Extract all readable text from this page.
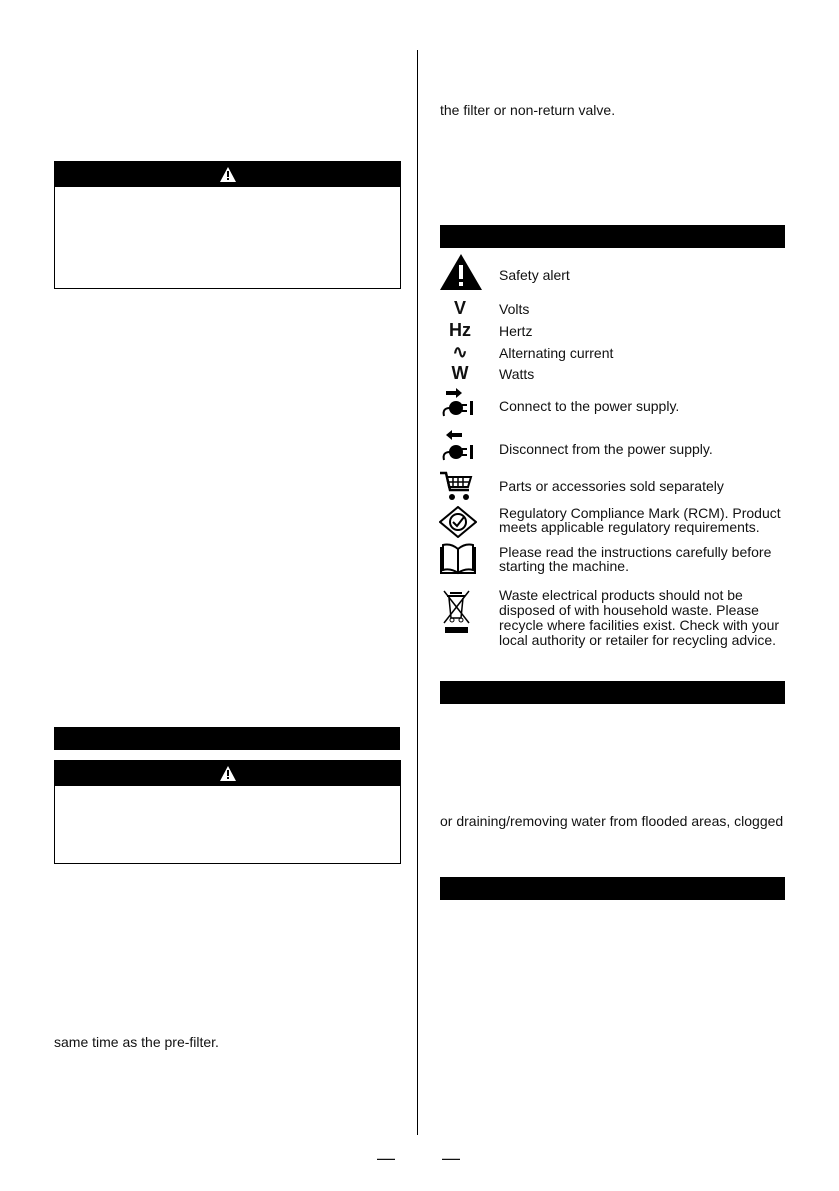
same time as the pre-filter.
the filter or non-return valve.
Safety alert
V	Volts
Hz	Hertz
∿	Alternating current
W	Watts
Connect to the power supply.
Disconnect from the power supply.
Parts or accessories sold separately
Regulatory Compliance Mark (RCM). Product
meets applicable regulatory requirements.
Please read the instructions carefully before
starting the machine.
Waste electrical products should not be
disposed of with household waste. Please
recycle where facilities exist. Check with your
local authority or retailer for recycling advice.
or draining/removing water from flooded areas, clogged
—	—
